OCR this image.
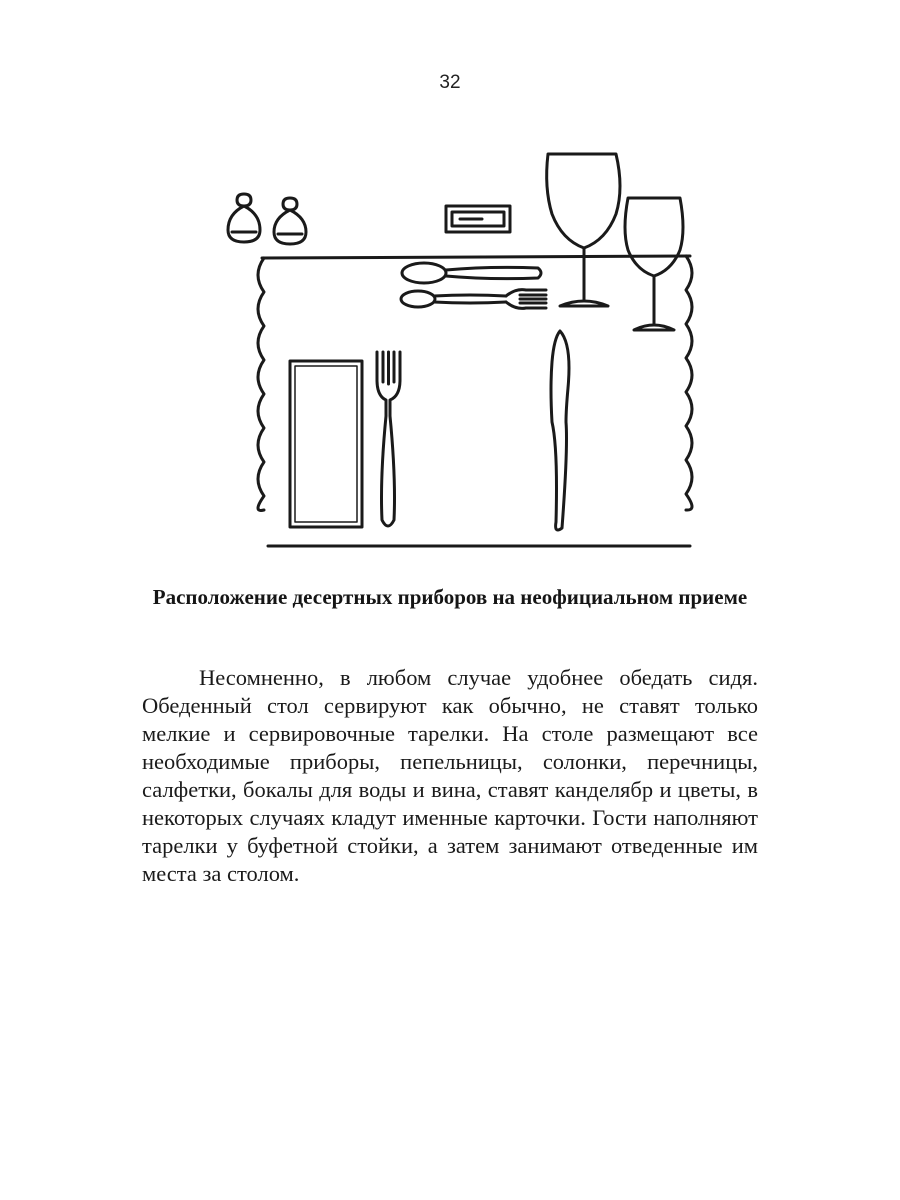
32
Расположение десертных приборов на неофициальном приеме

Несомненно, в любом случае удобнее обедать сидя. Обеденный стол сервируют как обычно, не ставят только мелкие и сервировочные тарелки. На столе размещают все необходимые приборы, пепельницы, солонки, перечницы, салфетки, бокалы для воды и вина, ставят канделябр и цветы, в некоторых случаях кладут именные карточки. Гости наполняют тарелки у буфетной стойки, а затем занимают отведенные им места за столом.
